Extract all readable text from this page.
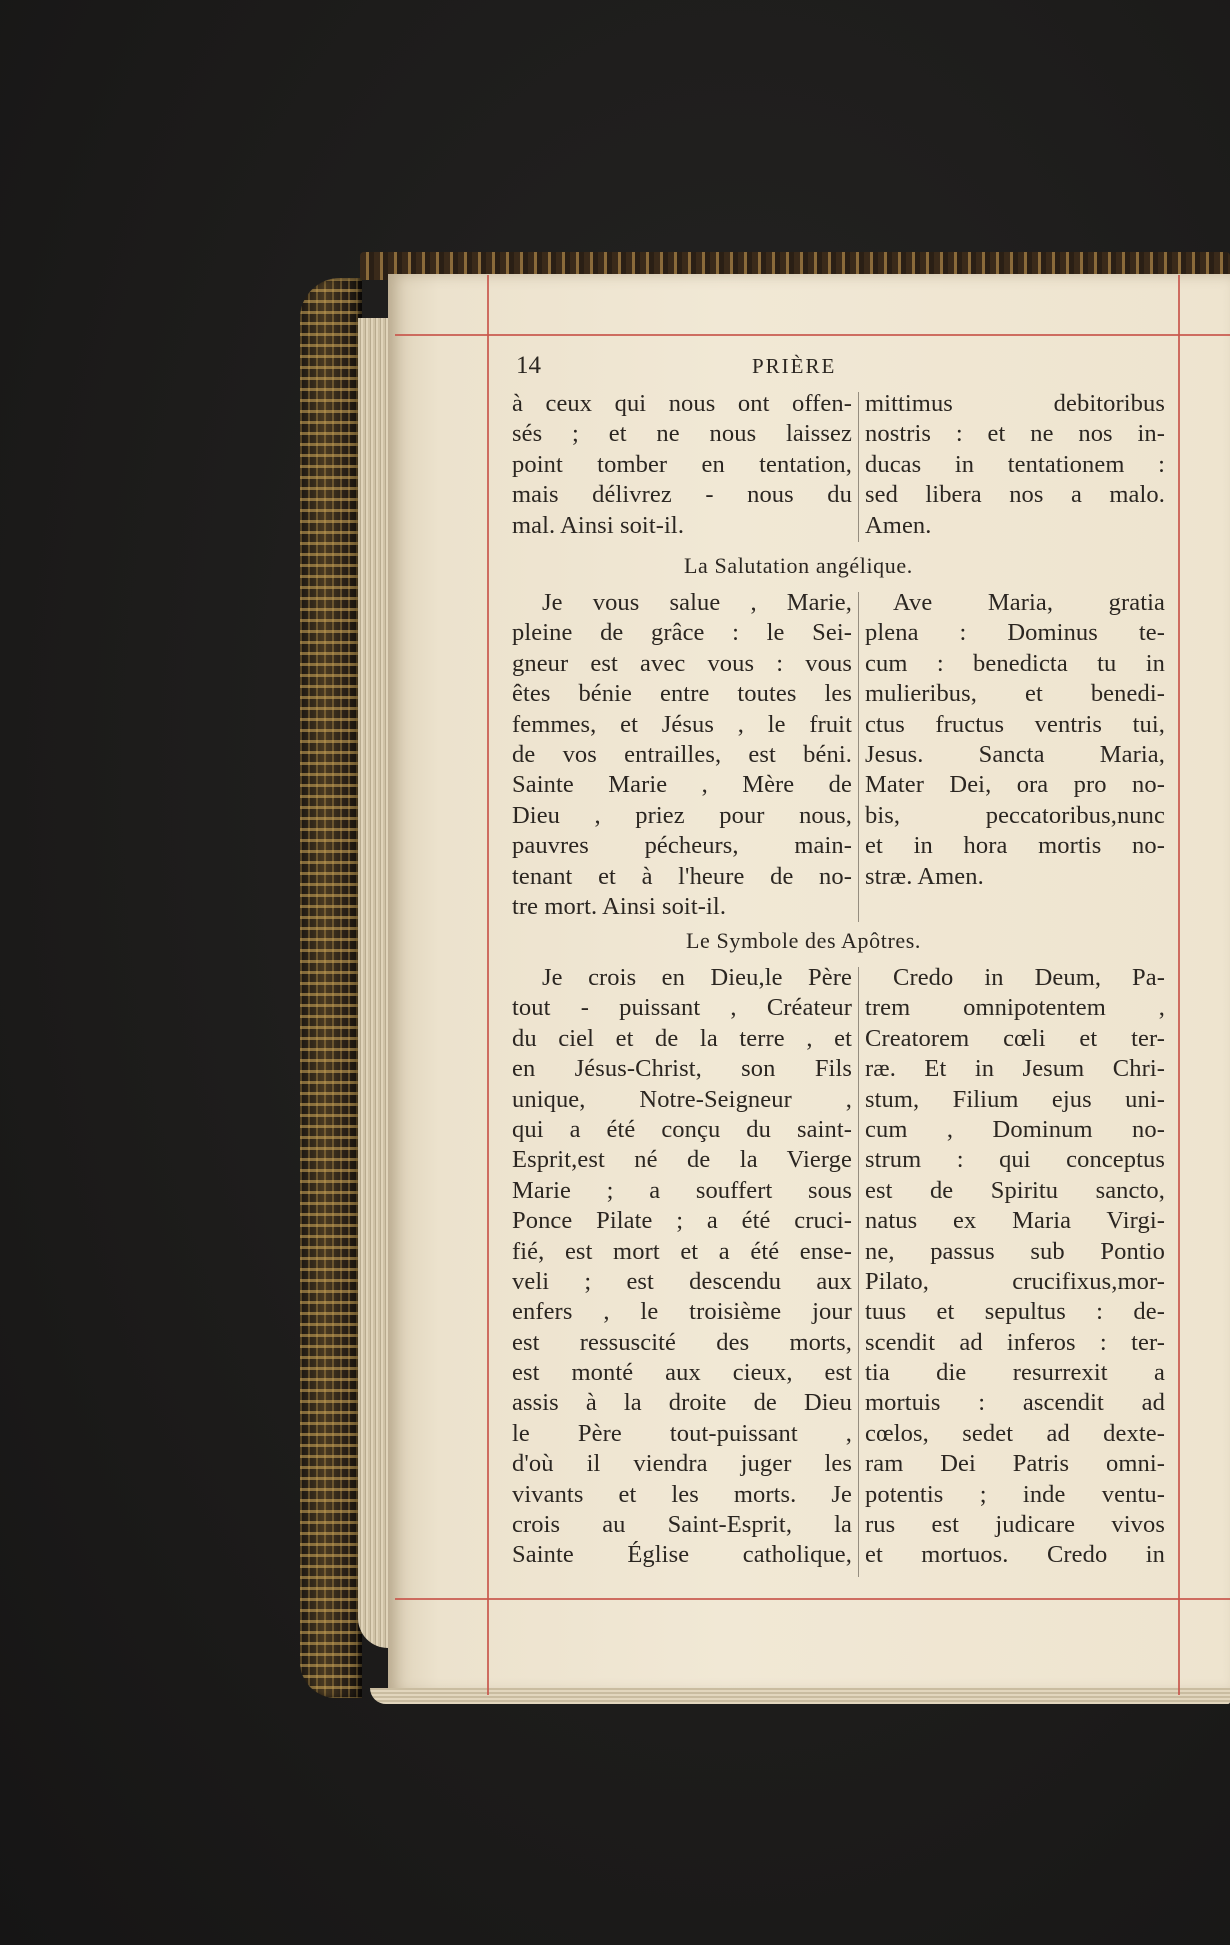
14	PRIÈRE
à ceux qui nous ont offen-
sés ; et ne nous laissez
point tomber en tentation,
mais délivrez - nous du
mal. Ainsi soit-il.
mittimus debitoribus
nostris : et ne nos in-
ducas in tentationem :
sed libera nos a malo.
Amen.
La Salutation angélique.
Je vous salue , Marie,
pleine de grâce : le Sei-
gneur est avec vous : vous
êtes bénie entre toutes les
femmes, et Jésus , le fruit
de vos entrailles, est béni.
Sainte Marie , Mère de
Dieu , priez pour nous,
pauvres pécheurs, main-
tenant et à l'heure de no-
tre mort. Ainsi soit-il.
Ave Maria, gratia
plena : Dominus te-
cum : benedicta tu in
mulieribus, et benedi-
ctus fructus ventris tui,
Jesus. Sancta Maria,
Mater Dei, ora pro no-
bis, peccatoribus,nunc
et in hora mortis no-
stræ. Amen.
Le Symbole des Apôtres.
Je crois en Dieu,le Père
tout - puissant , Créateur
du ciel et de la terre , et
en Jésus-Christ, son Fils
unique, Notre-Seigneur ,
qui a été conçu du saint-
Esprit,est né de la Vierge
Marie ; a souffert sous
Ponce Pilate ; a été cruci-
fié, est mort et a été ense-
veli ; est descendu aux
enfers , le troisième jour
est ressuscité des morts,
est monté aux cieux, est
assis à la droite de Dieu
le Père tout-puissant ,
d'où il viendra juger les
vivants et les morts. Je
crois au Saint-Esprit, la
Sainte Église catholique,
Credo in Deum, Pa-
trem omnipotentem ,
Creatorem cœli et ter-
ræ. Et in Jesum Chri-
stum, Filium ejus uni-
cum , Dominum no-
strum : qui conceptus
est de Spiritu sancto,
natus ex Maria Virgi-
ne, passus sub Pontio
Pilato, crucifixus,mor-
tuus et sepultus : de-
scendit ad inferos : ter-
tia die resurrexit a
mortuis : ascendit ad
cœlos, sedet ad dexte-
ram Dei Patris omni-
potentis ; inde ventu-
rus est judicare vivos
et mortuos. Credo in
